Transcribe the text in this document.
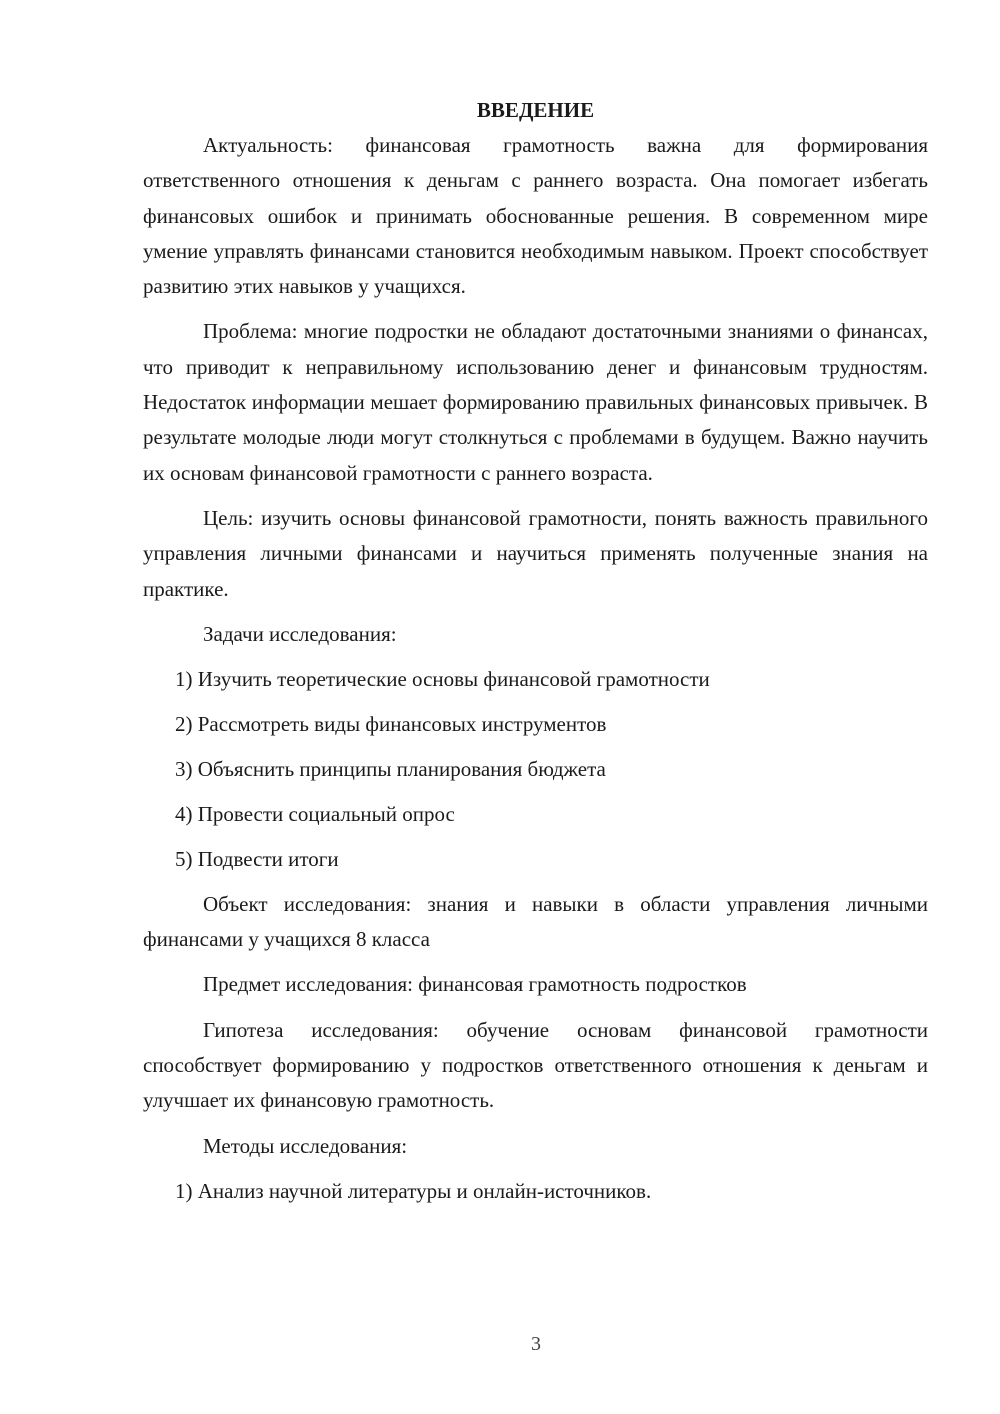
ВВЕДЕНИЕ

Актуальность: финансовая грамотность важна для формирования ответственного отношения к деньгам с раннего возраста. Она помогает избегать финансовых ошибок и принимать обоснованные решения. В современном мире умение управлять финансами становится необходимым навыком. Проект способствует развитию этих навыков у учащихся.

Проблема: многие подростки не обладают достаточными знаниями о финансах, что приводит к неправильному использованию денег и финансовым трудностям. Недостаток информации мешает формированию правильных финансовых привычек. В результате молодые люди могут столкнуться с проблемами в будущем. Важно научить их основам финансовой грамотности с раннего возраста.

Цель: изучить основы финансовой грамотности, понять важность правильного управления личными финансами и научиться применять полученные знания на практике.

Задачи исследования:
1) Изучить теоретические основы финансовой грамотности
2) Рассмотреть виды финансовых инструментов
3) Объяснить принципы планирования бюджета
4) Провести социальный опрос
5) Подвести итоги

Объект исследования: знания и навыки в области управления личными финансами у учащихся 8 класса

Предмет исследования: финансовая грамотность подростков

Гипотеза исследования: обучение основам финансовой грамотности способствует формированию у подростков ответственного отношения к деньгам и улучшает их финансовую грамотность.

Методы исследования:
1) Анализ научной литературы и онлайн-источников.
3
